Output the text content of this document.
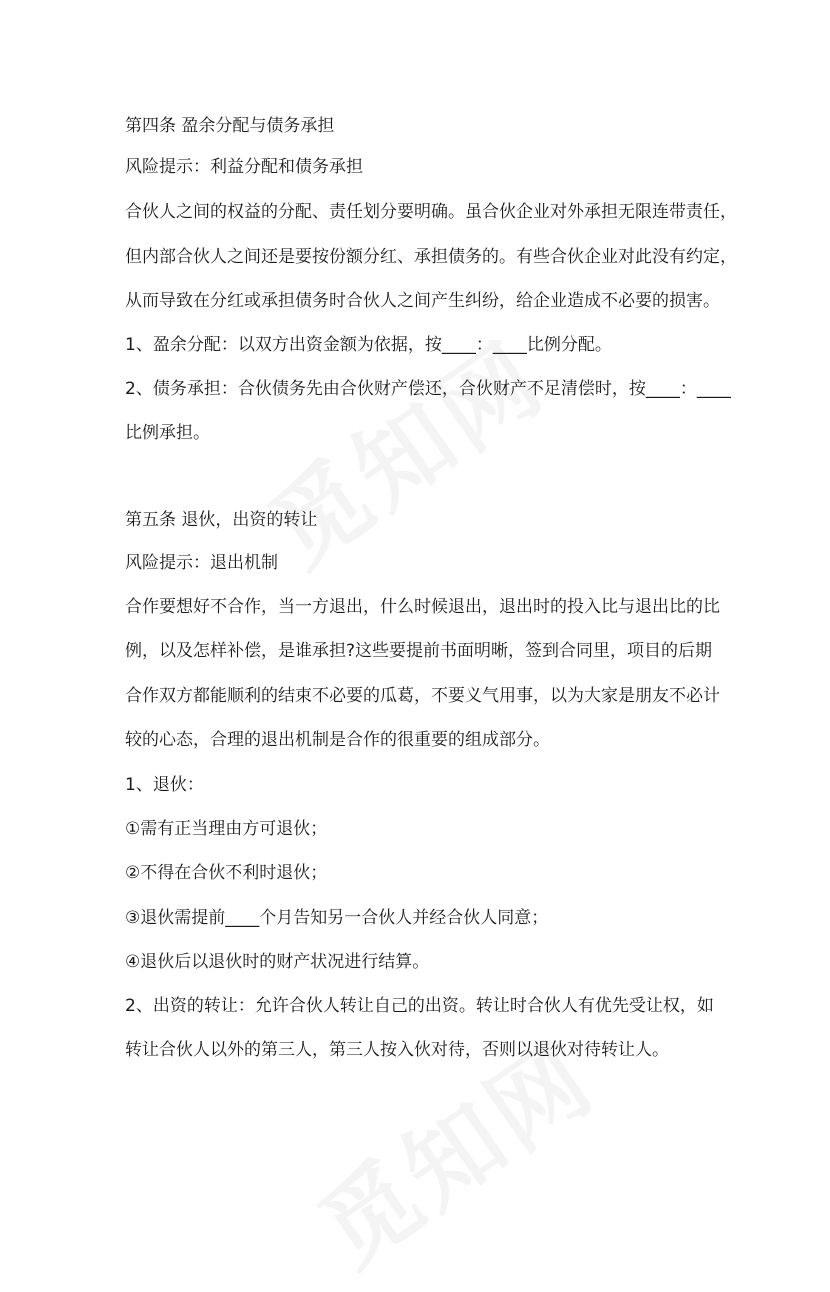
第四条 盈余分配与债务承担

风险提示：利益分配和债务承担

合伙人之间的权益的分配、责任划分要明确。虽合伙企业对外承担无限连带责任，

但内部合伙人之间还是要按份额分红、承担债务的。有些合伙企业对此没有约定，

从而导致在分红或承担债务时合伙人之间产生纠纷，给企业造成不必要的损害。

1、盈余分配：以双方出资金额为依据，按____：____比例分配。

2、债务承担：合伙债务先由合伙财产偿还，合伙财产不足清偿时，按____：____

比例承担。

第五条 退伙，出资的转让

风险提示：退出机制

合作要想好不合作，当一方退出，什么时候退出，退出时的投入比与退出比的比

例，以及怎样补偿，是谁承担?这些要提前书面明晰，签到合同里，项目的后期

合作双方都能顺利的结束不必要的瓜葛，不要义气用事，以为大家是朋友不必计

较的心态，合理的退出机制是合作的很重要的组成部分。

1、退伙：

①需有正当理由方可退伙；

②不得在合伙不利时退伙；

③退伙需提前____个月告知另一合伙人并经合伙人同意；

④退伙后以退伙时的财产状况进行结算。

2、出资的转让：允许合伙人转让自己的出资。转让时合伙人有优先受让权，如

转让合伙人以外的第三人，第三人按入伙对待，否则以退伙对待转让人。
